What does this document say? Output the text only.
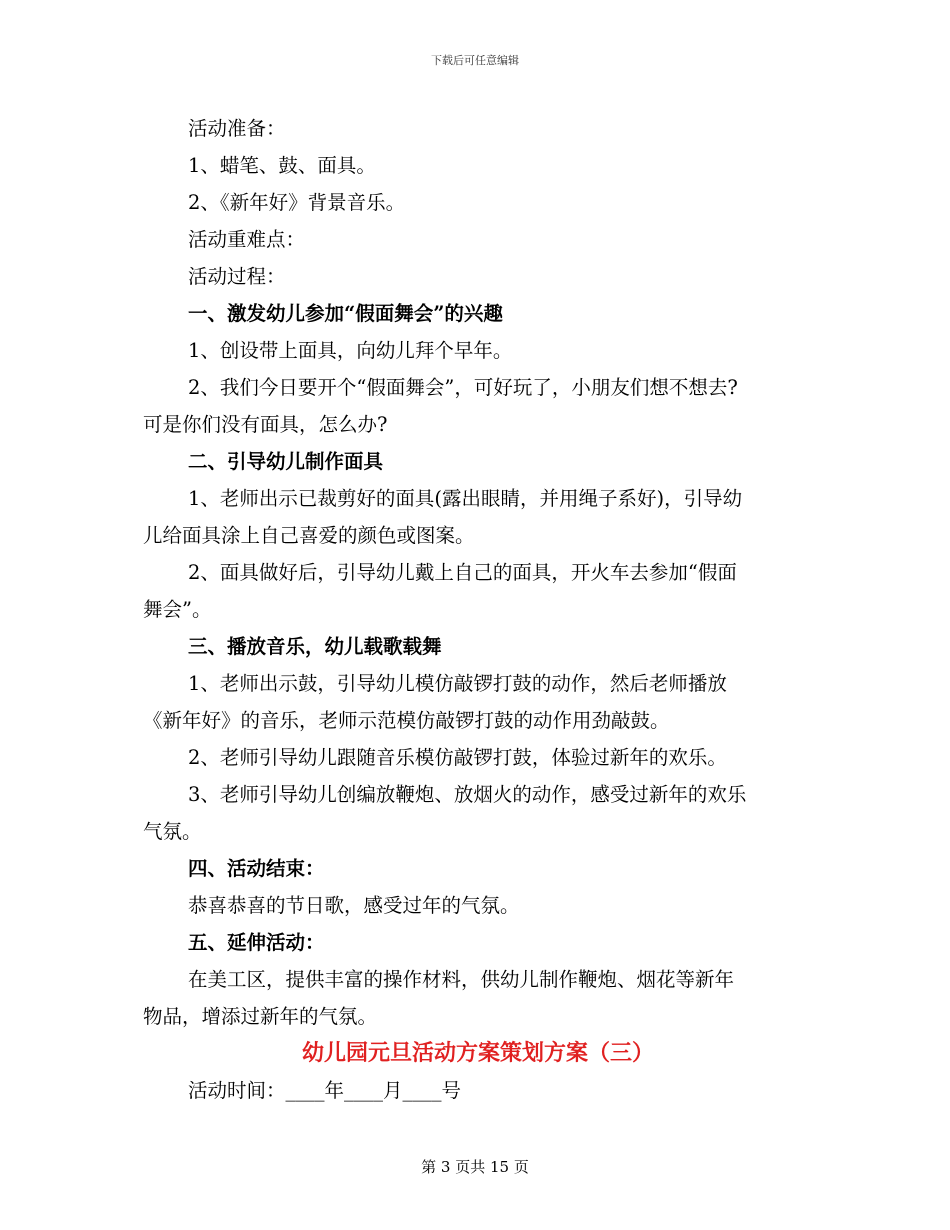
下载后可任意编辑

活动准备：

1、蜡笔、鼓、面具。

2、《新年好》背景音乐。

活动重难点：

活动过程：

一、激发幼儿参加“假面舞会”的兴趣

1、创设带上面具，向幼儿拜个早年。

2、我们今日要开个“假面舞会”，可好玩了，小朋友们想不想去?

可是你们没有面具，怎么办?

二、引导幼儿制作面具

1、老师出示已裁剪好的面具(露出眼睛，并用绳子系好)，引导幼

儿给面具涂上自己喜爱的颜色或图案。

2、面具做好后，引导幼儿戴上自己的面具，开火车去参加“假面

舞会”。

三、播放音乐，幼儿载歌载舞

1、老师出示鼓，引导幼儿模仿敲锣打鼓的动作，然后老师播放

《新年好》的音乐，老师示范模仿敲锣打鼓的动作用劲敲鼓。

2、老师引导幼儿跟随音乐模仿敲锣打鼓，体验过新年的欢乐。

3、老师引导幼儿创编放鞭炮、放烟火的动作，感受过新年的欢乐

气氛。

四、活动结束：

恭喜恭喜的节日歌，感受过年的气氛。

五、延伸活动：

在美工区，提供丰富的操作材料，供幼儿制作鞭炮、烟花等新年

物品，增添过新年的气氛。

幼儿园元旦活动方案策划方案（三）

活动时间：____年____月____号

第 3 页共 15 页
